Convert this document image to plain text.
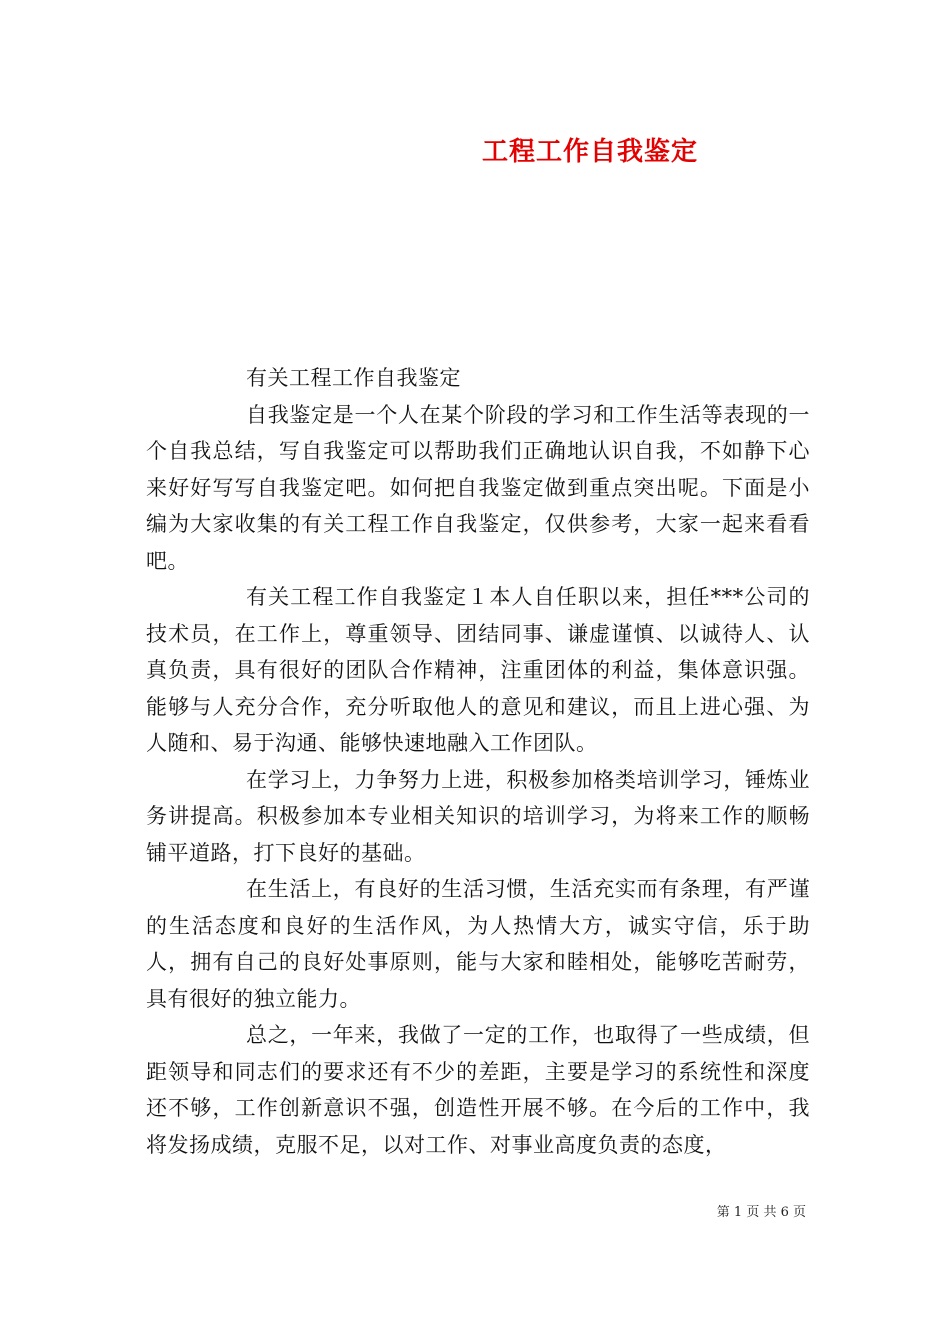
工程工作自我鉴定

有关工程工作自我鉴定

自我鉴定是一个人在某个阶段的学习和工作生活等表现的一个自我总结，写自我鉴定可以帮助我们正确地认识自我，不如静下心来好好写写自我鉴定吧。如何把自我鉴定做到重点突出呢。下面是小编为大家收集的有关工程工作自我鉴定，仅供参考，大家一起来看看吧。

有关工程工作自我鉴定１本人自任职以来，担任***公司的技术员，在工作上，尊重领导、团结同事、谦虚谨慎、以诚待人、认真负责，具有很好的团队合作精神，注重团体的利益，集体意识强。能够与人充分合作，充分听取他人的意见和建议，而且上进心强、为人随和、易于沟通、能够快速地融入工作团队。

在学习上，力争努力上进，积极参加格类培训学习，锤炼业务讲提高。积极参加本专业相关知识的培训学习，为将来工作的顺畅铺平道路，打下良好的基础。

在生活上，有良好的生活习惯，生活充实而有条理，有严谨的生活态度和良好的生活作风，为人热情大方，诚实守信，乐于助人，拥有自己的良好处事原则，能与大家和睦相处，能够吃苦耐劳，具有很好的独立能力。

总之，一年来，我做了一定的工作，也取得了一些成绩，但距领导和同志们的要求还有不少的差距，主要是学习的系统性和深度还不够，工作创新意识不强，创造性开展不够。在今后的工作中，我将发扬成绩，克服不足，以对工作、对事业高度负责的态度，

第 1 页 共 6 页
